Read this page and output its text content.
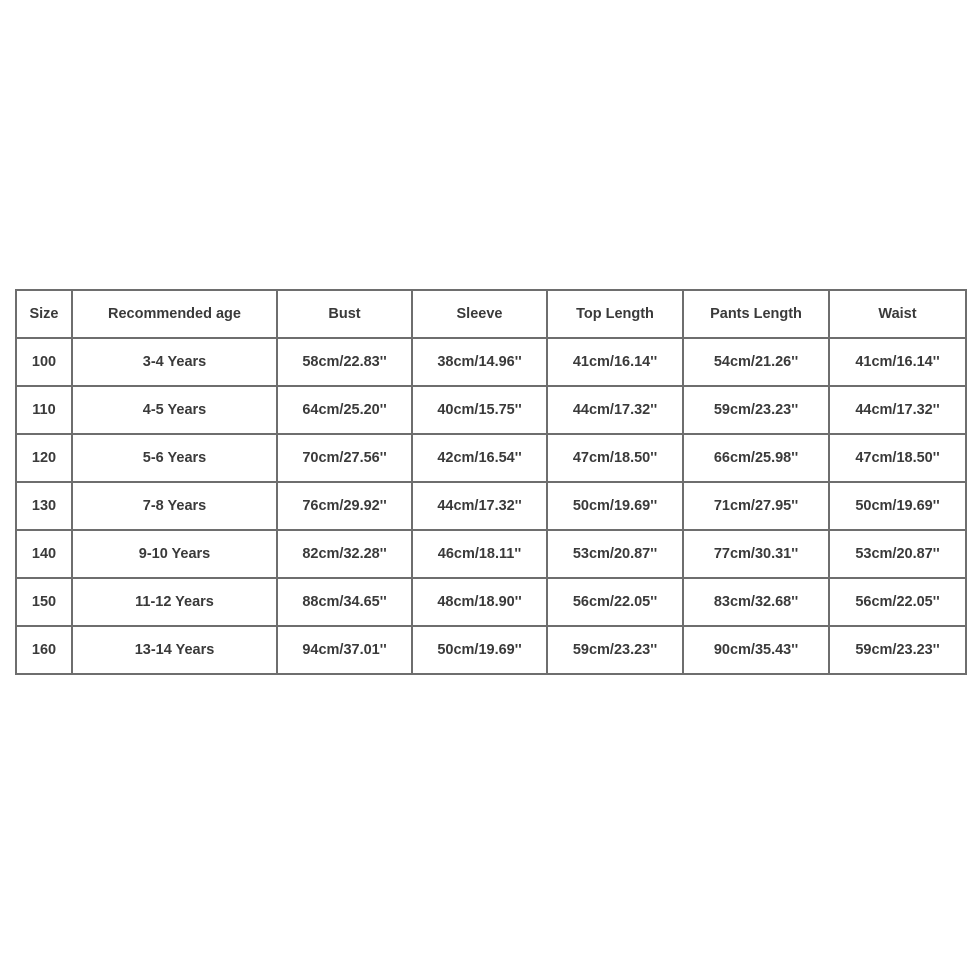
Size	Recommended age	Bust	Sleeve	Top Length	Pants Length	Waist
100	3-4 Years	58cm/22.83''	38cm/14.96''	41cm/16.14''	54cm/21.26''	41cm/16.14''
110	4-5 Years	64cm/25.20''	40cm/15.75''	44cm/17.32''	59cm/23.23''	44cm/17.32''
120	5-6 Years	70cm/27.56''	42cm/16.54''	47cm/18.50''	66cm/25.98''	47cm/18.50''
130	7-8 Years	76cm/29.92''	44cm/17.32''	50cm/19.69''	71cm/27.95''	50cm/19.69''
140	9-10 Years	82cm/32.28''	46cm/18.11''	53cm/20.87''	77cm/30.31''	53cm/20.87''
150	11-12 Years	88cm/34.65''	48cm/18.90''	56cm/22.05''	83cm/32.68''	56cm/22.05''
160	13-14 Years	94cm/37.01''	50cm/19.69''	59cm/23.23''	90cm/35.43''	59cm/23.23''
